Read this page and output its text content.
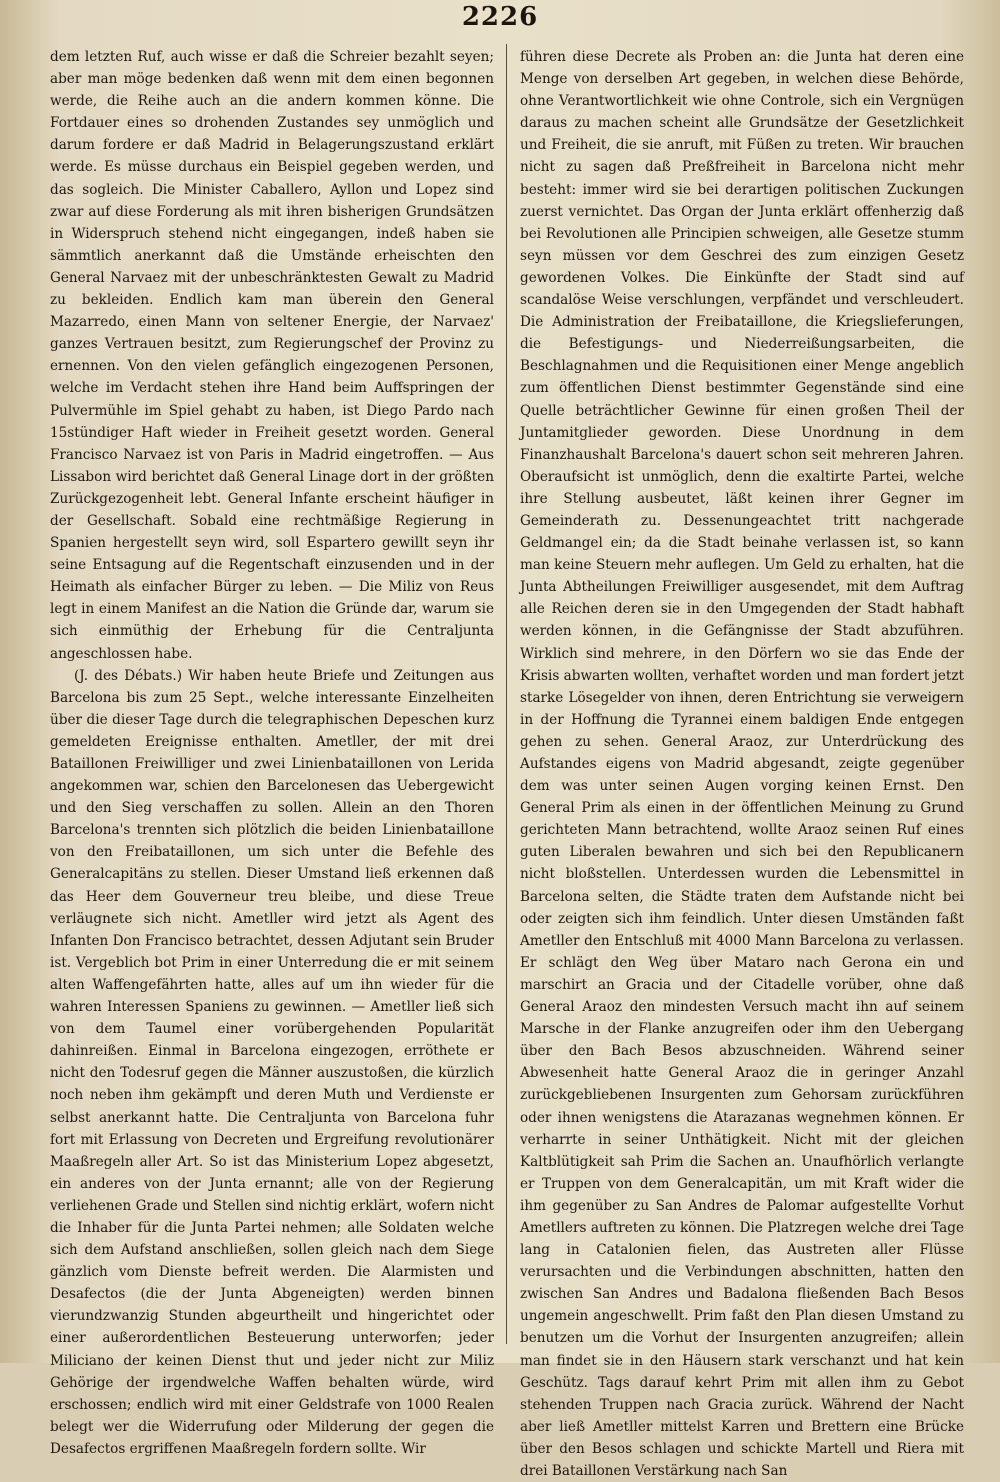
2226

dem letzten Ruf, auch wisse er daß die Schreier bezahlt seyen; aber man möge bedenken daß wenn mit dem einen begonnen werde, die Reihe auch an die andern kommen könne. Die Fortdauer eines so drohenden Zustandes sey unmöglich und darum fordere er daß Madrid in Belagerungszustand erklärt werde. Es müsse durchaus ein Beispiel gegeben werden, und das sogleich. Die Minister Caballero, Ayllon und Lopez sind zwar auf diese Forderung als mit ihren bisherigen Grundsätzen in Widerspruch stehend nicht eingegangen, indeß haben sie sämmtlich anerkannt daß die Umstände erheischten den General Narvaez mit der unbeschränktesten Gewalt zu Madrid zu bekleiden. Endlich kam man überein den General Mazarredo, einen Mann von seltener Energie, der Narvaez' ganzes Vertrauen besitzt, zum Regierungschef der Provinz zu ernennen. Von den vielen gefänglich eingezogenen Personen, welche im Verdacht stehen ihre Hand beim Auffspringen der Pulvermühle im Spiel gehabt zu haben, ist Diego Pardo nach 15stündiger Haft wieder in Freiheit gesetzt worden. General Francisco Narvaez ist von Paris in Madrid eingetroffen. — Aus Lissabon wird berichtet daß General Linage dort in der größten Zurückgezogenheit lebt. General Infante erscheint häufiger in der Gesellschaft. Sobald eine rechtmäßige Regierung in Spanien hergestellt seyn wird, soll Espartero gewillt seyn ihr seine Entsagung auf die Regentschaft einzusenden und in der Heimath als einfacher Bürger zu leben. — Die Miliz von Reus legt in einem Manifest an die Nation die Gründe dar, warum sie sich einmüthig der Erhebung für die Centraljunta angeschlossen habe.

(J. des Débats.) Wir haben heute Briefe und Zeitungen aus Barcelona bis zum 25 Sept., welche interessante Einzelheiten über die dieser Tage durch die telegraphischen Depeschen kurz gemeldeten Ereignisse enthalten. Ametller, der mit drei Bataillonen Freiwilliger und zwei Linienbataillonen von Lerida angekommen war, schien den Barcelonesen das Uebergewicht und den Sieg verschaffen zu sollen. Allein an den Thoren Barcelona's trennten sich plötzlich die beiden Linienbataillone von den Freibataillonen, um sich unter die Befehle des Generalcapitäns zu stellen. Dieser Umstand ließ erkennen daß das Heer dem Gouverneur treu bleibe, und diese Treue verläugnete sich nicht. Ametller wird jetzt als Agent des Infanten Don Francisco betrachtet, dessen Adjutant sein Bruder ist. Vergeblich bot Prim in einer Unterredung die er mit seinem alten Waffengefährten hatte, alles auf um ihn wieder für die wahren Interessen Spaniens zu gewinnen. — Ametller ließ sich von dem Taumel einer vorübergehenden Popularität dahinreißen. Einmal in Barcelona eingezogen, erröthete er nicht den Todesruf gegen die Männer auszustoßen, die kürzlich noch neben ihm gekämpft und deren Muth und Verdienste er selbst anerkannt hatte. Die Centraljunta von Barcelona fuhr fort mit Erlassung von Decreten und Ergreifung revolutionärer Maaßregeln aller Art. So ist das Ministerium Lopez abgesetzt, ein anderes von der Junta ernannt; alle von der Regierung verliehenen Grade und Stellen sind nichtig erklärt, wofern nicht die Inhaber für die Junta Partei nehmen; alle Soldaten welche sich dem Aufstand anschließen, sollen gleich nach dem Siege gänzlich vom Dienste befreit werden. Die Alarmisten und Desafectos (die der Junta Abgeneigten) werden binnen vierundzwanzig Stunden abgeurtheilt und hingerichtet oder einer außerordentlichen Besteuerung unterworfen; jeder Miliciano der keinen Dienst thut und jeder nicht zur Miliz Gehörige der irgendwelche Waffen behalten würde, wird erschossen; endlich wird mit einer Geldstrafe von 1000 Realen belegt wer die Widerrufung oder Milderung der gegen die Desafectos ergriffenen Maaßregeln fordern sollte. Wir

führen diese Decrete als Proben an: die Junta hat deren eine Menge von derselben Art gegeben, in welchen diese Behörde, ohne Verantwortlichkeit wie ohne Controle, sich ein Vergnügen daraus zu machen scheint alle Grundsätze der Gesetzlichkeit und Freiheit, die sie anruft, mit Füßen zu treten. Wir brauchen nicht zu sagen daß Preßfreiheit in Barcelona nicht mehr besteht: immer wird sie bei derartigen politischen Zuckungen zuerst vernichtet. Das Organ der Junta erklärt offenherzig daß bei Revolutionen alle Principien schweigen, alle Gesetze stumm seyn müssen vor dem Geschrei des zum einzigen Gesetz gewordenen Volkes. Die Einkünfte der Stadt sind auf scandalöse Weise verschlungen, verpfändet und verschleudert. Die Administration der Freibataillone, die Kriegslieferungen, die Befestigungs- und Niederreißungsarbeiten, die Beschlagnahmen und die Requisitionen einer Menge angeblich zum öffentlichen Dienst bestimmter Gegenstände sind eine Quelle beträchtlicher Gewinne für einen großen Theil der Juntamitglieder geworden. Diese Unordnung in dem Finanzhaushalt Barcelona's dauert schon seit mehreren Jahren. Oberaufsicht ist unmöglich, denn die exaltirte Partei, welche ihre Stellung ausbeutet, läßt keinen ihrer Gegner im Gemeinderath zu. Dessenungeachtet tritt nachgerade Geldmangel ein; da die Stadt beinahe verlassen ist, so kann man keine Steuern mehr auflegen. Um Geld zu erhalten, hat die Junta Abtheilungen Freiwilliger ausgesendet, mit dem Auftrag alle Reichen deren sie in den Umgegenden der Stadt habhaft werden können, in die Gefängnisse der Stadt abzuführen. Wirklich sind mehrere, in den Dörfern wo sie das Ende der Krisis abwarten wollten, verhaftet worden und man fordert jetzt starke Lösegelder von ihnen, deren Entrichtung sie verweigern in der Hoffnung die Tyrannei einem baldigen Ende entgegen gehen zu sehen. General Araoz, zur Unterdrückung des Aufstandes eigens von Madrid abgesandt, zeigte gegenüber dem was unter seinen Augen vorging keinen Ernst. Den General Prim als einen in der öffentlichen Meinung zu Grund gerichteten Mann betrachtend, wollte Araoz seinen Ruf eines guten Liberalen bewahren und sich bei den Republicanern nicht bloßstellen. Unterdessen wurden die Lebensmittel in Barcelona selten, die Städte traten dem Aufstande nicht bei oder zeigten sich ihm feindlich. Unter diesen Umständen faßt Ametller den Entschluß mit 4000 Mann Barcelona zu verlassen. Er schlägt den Weg über Mataro nach Gerona ein und marschirt an Gracia und der Citadelle vorüber, ohne daß General Araoz den mindesten Versuch macht ihn auf seinem Marsche in der Flanke anzugreifen oder ihm den Uebergang über den Bach Besos abzuschneiden. Während seiner Abwesenheit hatte General Araoz die in geringer Anzahl zurückgebliebenen Insurgenten zum Gehorsam zurückführen oder ihnen wenigstens die Atarazanas wegnehmen können. Er verharrte in seiner Unthätigkeit. Nicht mit der gleichen Kaltblütigkeit sah Prim die Sachen an. Unaufhörlich verlangte er Truppen von dem Generalcapitän, um mit Kraft wider die ihm gegenüber zu San Andres de Palomar aufgestellte Vorhut Ametllers auftreten zu können. Die Platzregen welche drei Tage lang in Catalonien fielen, das Austreten aller Flüsse verursachten und die Verbindungen abschnitten, hatten den zwischen San Andres und Badalona fließenden Bach Besos ungemein angeschwellt. Prim faßt den Plan diesen Umstand zu benutzen um die Vorhut der Insurgenten anzugreifen; allein man findet sie in den Häusern stark verschanzt und hat kein Geschütz. Tags darauf kehrt Prim mit allen ihm zu Gebot stehenden Truppen nach Gracia zurück. Während der Nacht aber ließ Ametller mittelst Karren und Brettern eine Brücke über den Besos schlagen und schickte Martell und Riera mit drei Bataillonen Verstärkung nach San
